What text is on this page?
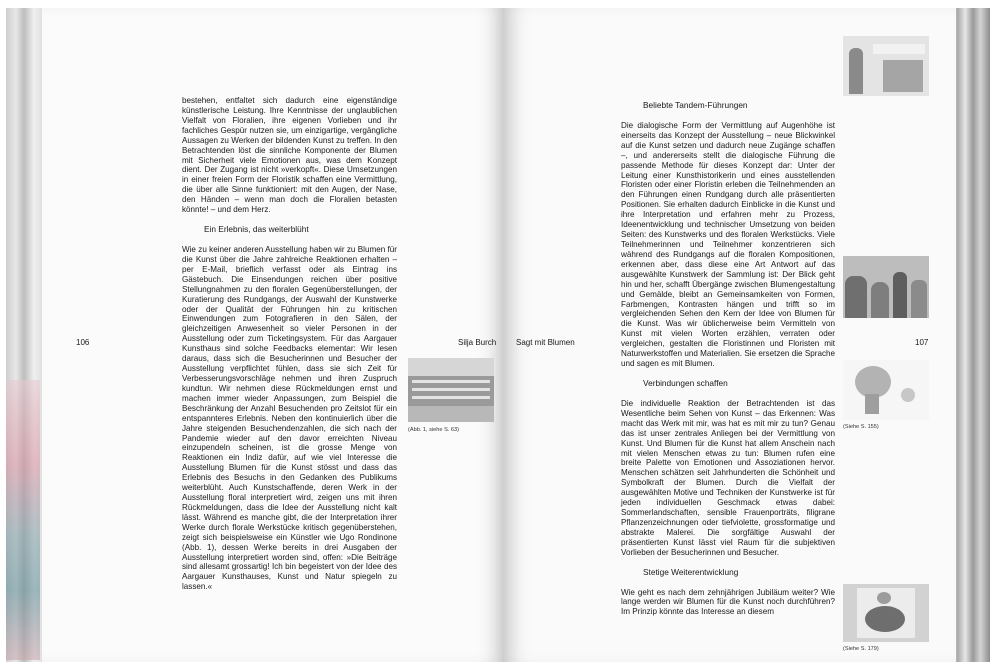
bestehen, entfaltet sich dadurch eine eigenständige künstlerische Leistung. Ihre Kenntnisse der unglaublichen Vielfalt von Floralien, ihre eigenen Vorlieben und ihr fachliches Gespür nutzen sie, um einzigartige, vergängliche Aussagen zu Werken der bildenden Kunst zu treffen. In den Betrachtenden löst die sinnliche Komponente der Blumen mit Sicherheit viele Emotionen aus, was dem Konzept dient. Der Zugang ist nicht »verkopft«. Diese Umsetzungen in einer freien Form der Floristik schaffen eine Vermittlung, die über alle Sinne funktioniert: mit den Augen, der Nase, den Händen – wenn man doch die Floralien betasten könnte! – und dem Herz.

Ein Erlebnis, das weiterblüht

Wie zu keiner anderen Ausstellung haben wir zu Blumen für die Kunst über die Jahre zahlreiche Reaktionen erhalten – per E-Mail, brieflich verfasst oder als Eintrag ins Gästebuch. Die Einsendungen reichen über positive Stellungnahmen zu den floralen Gegenüberstellungen, der Kuratierung des Rundgangs, der Auswahl der Kunstwerke oder der Qualität der Führungen hin zu kritischen Einwendungen zum Fotografieren in den Sälen, der gleichzeitigen Anwesenheit so vieler Personen in der Ausstellung oder zum Ticketingsystem. Für das Aargauer Kunsthaus sind solche Feedbacks elementar: Wir lesen daraus, dass sich die Besucherinnen und Besucher der Ausstellung verpflichtet fühlen, dass sie sich Zeit für Verbesserungsvorschläge nehmen und ihren Zuspruch kundtun. Wir nehmen diese Rückmeldungen ernst und machen immer wieder Anpassungen, zum Beispiel die Beschränkung der Anzahl Besuchenden pro Zeitslot für ein entspannteres Erlebnis. Neben den kontinuierlich über die Jahre steigenden Besuchendenzahlen, die sich nach der Pandemie wieder auf den davor erreichten Niveau einzupendeln scheinen, ist die grosse Menge von Reaktionen ein Indiz dafür, auf wie viel Interesse die Ausstellung Blumen für die Kunst stösst und dass das Erlebnis des Besuchs in den Gedanken des Publikums weiterblüht. Auch Kunstschaffende, deren Werk in der Ausstellung floral interpretiert wird, zeigen uns mit ihren Rückmeldungen, dass die Idee der Ausstellung nicht kalt lässt. Während es manche gibt, die der Interpretation ihrer Werke durch florale Werkstücke kritisch gegenüberstehen, zeigt sich beispielsweise ein Künstler wie Ugo Rondinone (Abb. 1), dessen Werke bereits in drei Ausgaben der Ausstellung interpretiert worden sind, offen: »Die Beiträge sind allesamt grossartig! Ich bin begeistert von der Idee des Aargauer Kunsthauses, Kunst und Natur spiegeln zu lassen.«

106	Silja Burch
(Abb. 1, siehe S. 63)
Sagt mit Blumen	107
Beliebte Tandem-Führungen

Die dialogische Form der Vermittlung auf Augenhöhe ist einerseits das Konzept der Ausstellung – neue Blickwinkel auf die Kunst setzen und dadurch neue Zugänge schaffen –, und andererseits stellt die dialogische Führung die passende Methode für dieses Konzept dar: Unter der Leitung einer Kunsthistorikerin und eines ausstellenden Floristen oder einer Floristin erleben die Teilnehmenden an den Führungen einen Rundgang durch alle präsentierten Positionen. Sie erhalten dadurch Einblicke in die Kunst und ihre Interpretation und erfahren mehr zu Prozess, Ideenentwicklung und technischer Umsetzung von beiden Seiten: des Kunstwerks und des floralen Werkstücks. Viele Teilnehmerinnen und Teilnehmer konzentrieren sich während des Rundgangs auf die floralen Kompositionen, erkennen aber, dass diese eine Art Antwort auf das ausgewählte Kunstwerk der Sammlung ist: Der Blick geht hin und her, schafft Übergänge zwischen Blumengestaltung und Gemälde, bleibt an Gemeinsamkeiten von Formen, Farbmengen, Kontrasten hängen und trifft so im vergleichenden Sehen den Kern der Idee von Blumen für die Kunst. Was wir üblicherweise beim Vermitteln von Kunst mit vielen Worten erzählen, verraten oder vergleichen, gestalten die Floristinnen und Floristen mit Naturwerkstoffen und Materialien. Sie ersetzen die Sprache und sagen es mit Blumen.

Verbindungen schaffen

Die individuelle Reaktion der Betrachtenden ist das Wesentliche beim Sehen von Kunst – das Erkennen: Was macht das Werk mit mir, was hat es mit mir zu tun? Genau das ist unser zentrales Anliegen bei der Vermittlung von Kunst. Und Blumen für die Kunst hat allem Anschein nach mit vielen Menschen etwas zu tun: Blumen rufen eine breite Palette von Emotionen und Assoziationen hervor. Menschen schätzen seit Jahrhunderten die Schönheit und Symbolkraft der Blumen. Durch die Vielfalt der ausgewählten Motive und Techniken der Kunstwerke ist für jeden individuellen Geschmack etwas dabei: Sommerlandschaften, sensible Frauenporträts, filigrane Pflanzenzeichnungen oder tiefviolette, grossformatige und abstrakte Malerei. Die sorgfältige Auswahl der präsentierten Kunst lässt viel Raum für die subjektiven Vorlieben der Besucherinnen und Besucher.

Stetige Weiterentwicklung

Wie geht es nach dem zehnjährigen Jubiläum weiter? Wie lange werden wir Blumen für die Kunst noch durchführen? Im Prinzip könnte das Interesse an diesem

(Siehe S. 155)
(Siehe S. 179)
